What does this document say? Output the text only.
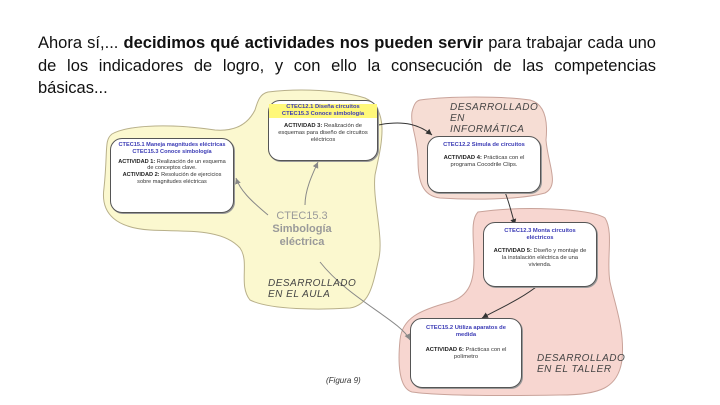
Ahora sí,... decidimos qué actividades nos pueden servir para trabajar cada uno de los indicadores de logro, y con ello la consecución de las competencias básicas...
CTEC12.1 Diseña circuitos
CTEC15.3 Conoce simbología
ACTIVIDAD 3: Realización de esquemas para diseño de circuitos eléctricos
CTEC15.1 Maneja magnitudes eléctricas
CTEC15.3 Conoce simbología
ACTIVIDAD 1: Realización de un esquema de conceptos clave.
ACTIVIDAD 2: Resolución de ejercicios sobre magnitudes eléctricas
CTEC12.2 Simula de circuitos
ACTIVIDAD 4: Prácticas con el programa Cocodrile Clips.
CTEC12.3 Monta circuitos eléctricos
ACTIVIDAD 5: Diseño y montaje de la instalación eléctrica de una vivienda.
CTEC15.2 Utiliza aparatos de medida
ACTIVIDAD 6: Prácticas con el polímetro
CTEC15.3
Simbología
eléctrica
DESARROLLADO EN INFORMÁTICA
DESARROLLADO EN EL AULA
DESARROLLADO EN EL TALLER
(Figura 9)
